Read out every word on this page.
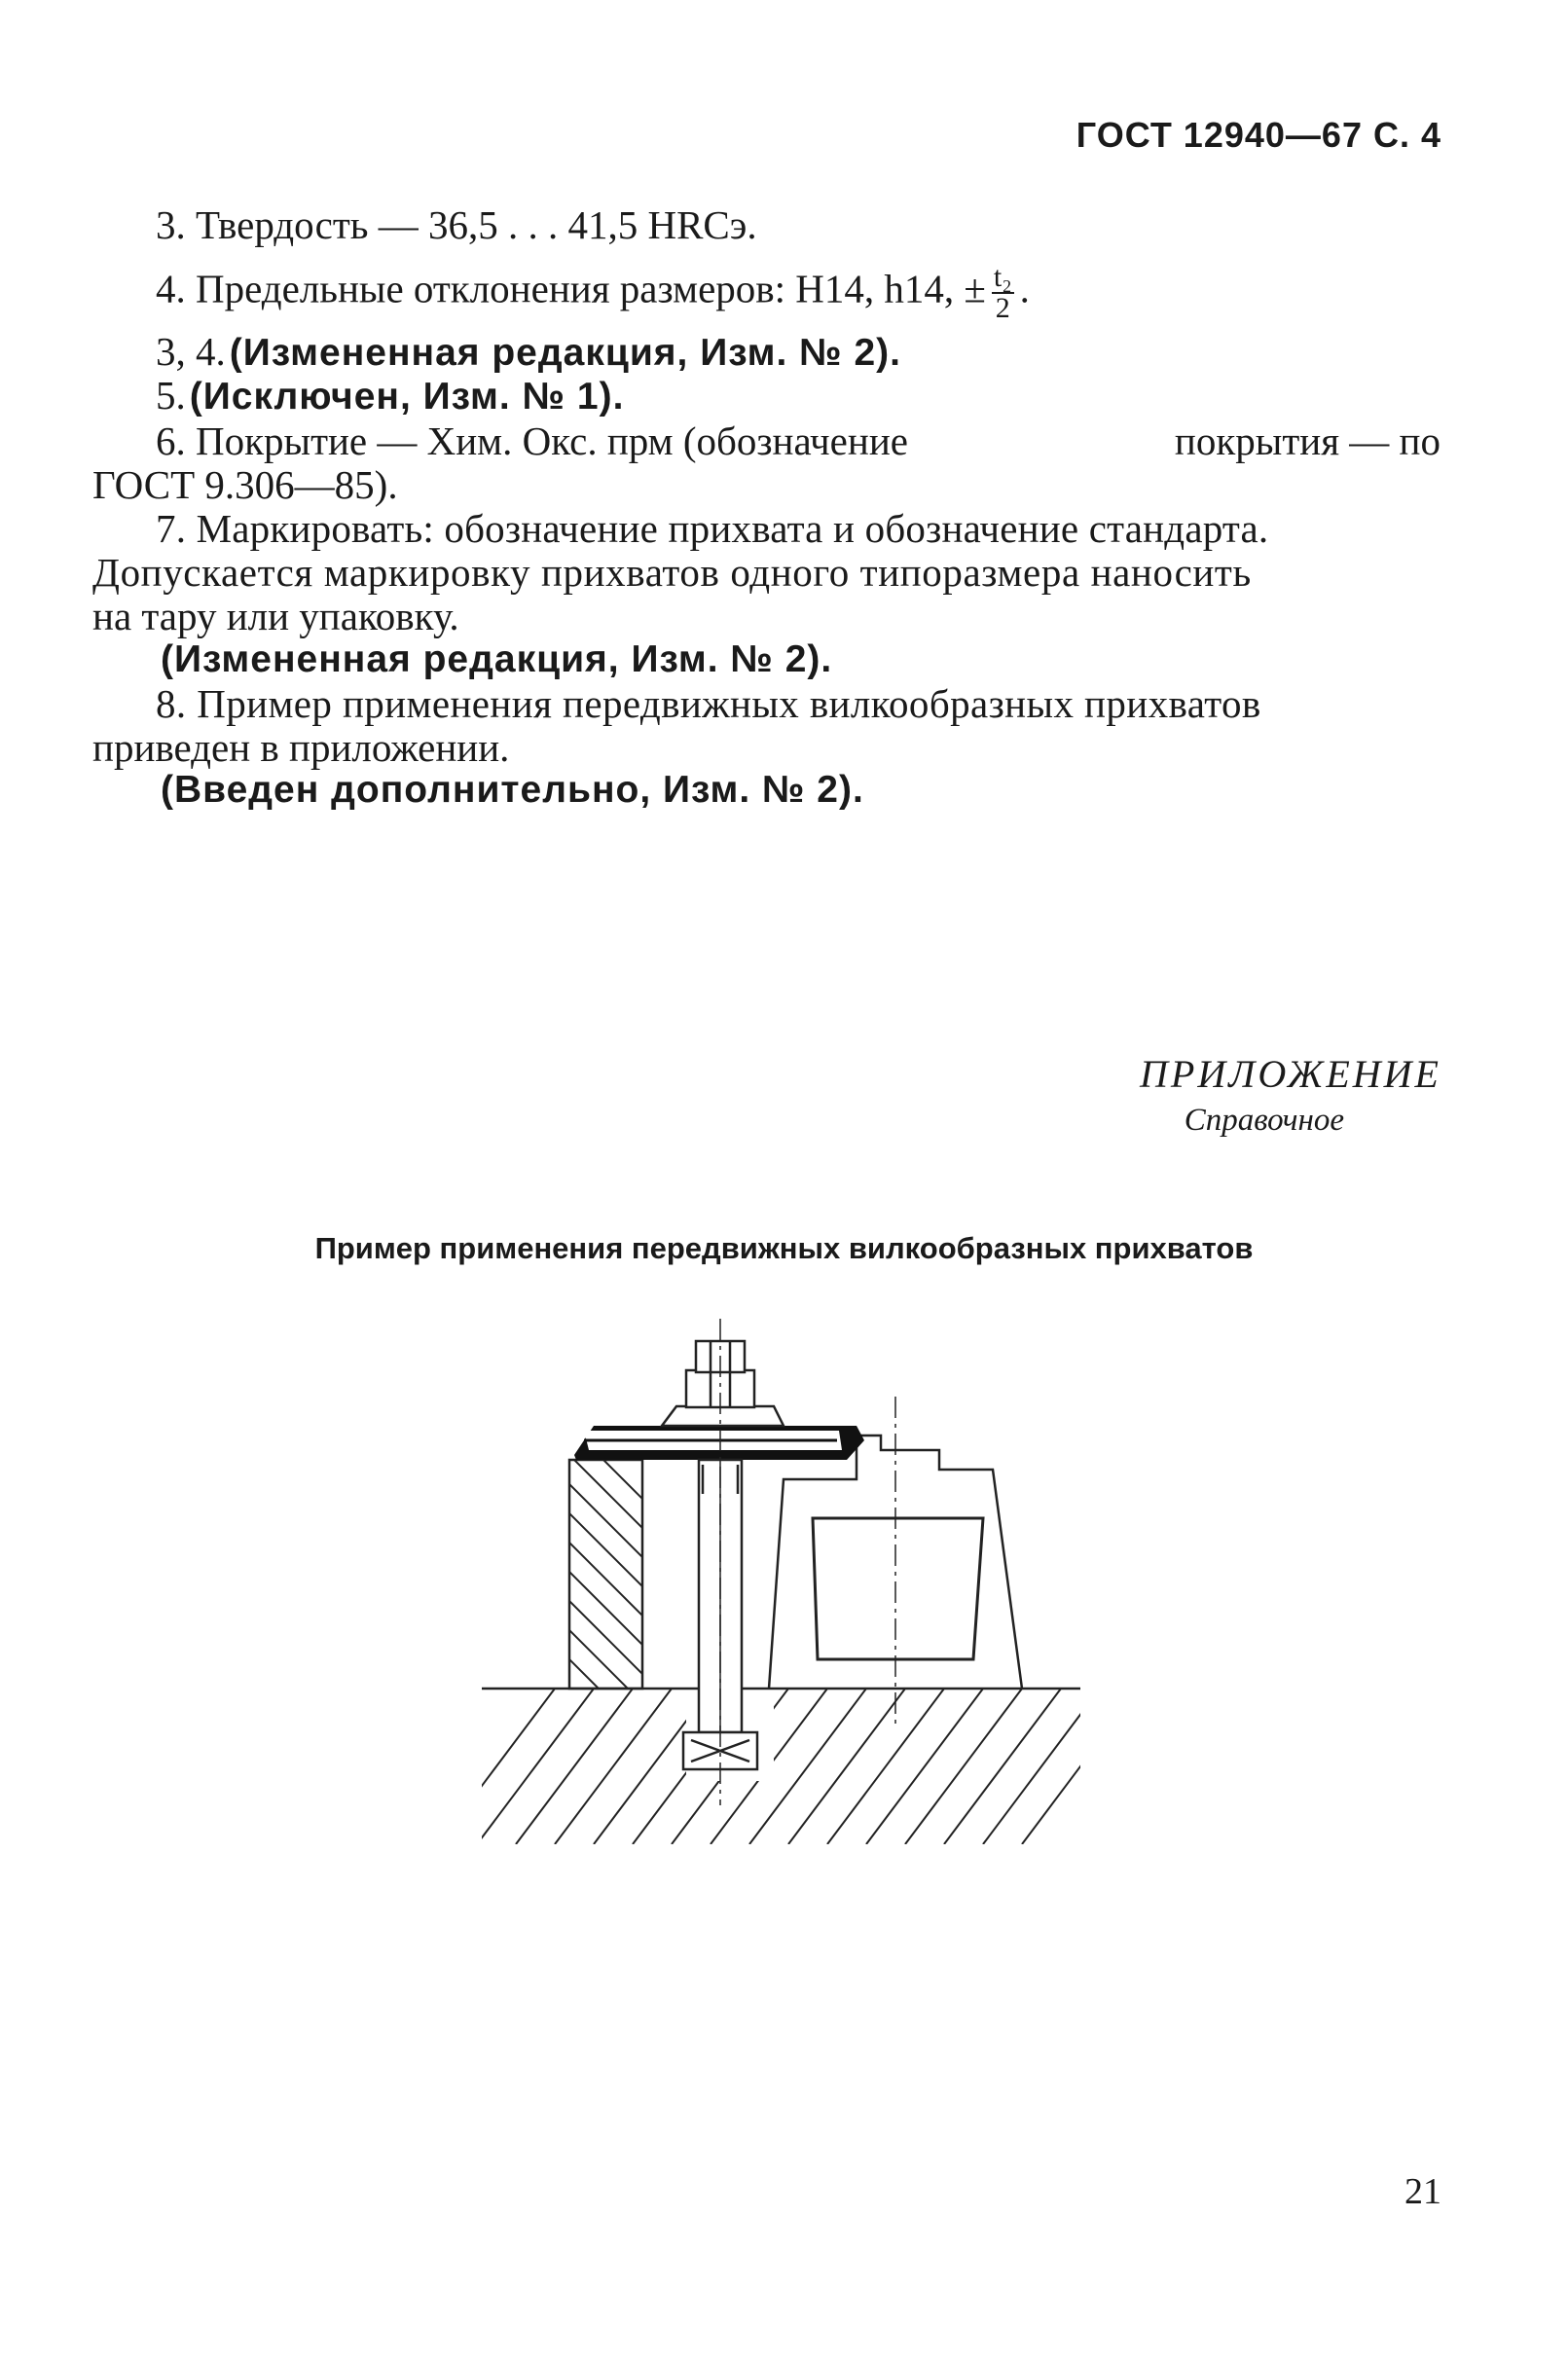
ГОСТ 12940—67 С. 4
3. Твердость — 36,5 . . . 41,5 HRCэ.
4. Предельные отклонения размеров: H14, h14, ± $\frac{\text{t₂}}{2}$ .
3, 4. (Измененная редакция, Изм. № 2).
5. (Исключен, Изм. № 1).
6. Покрытие — Хим. Окс. прм (обозначение	покрытия — по
ГОСТ 9.306—85).
7. Маркировать: обозначение прихвата и обозначение стандарта.
Допускается маркировку прихватов одного типоразмера наносить
на тару или упаковку.
(Измененная редакция, Изм. № 2).
8. Пример применения передвижных вилкообразных прихватов
приведен в приложении.
(Введен дополнительно, Изм. № 2).
ПРИЛОЖЕНИЕ
Справочное
Пример применения передвижных вилкообразных прихватов
21
